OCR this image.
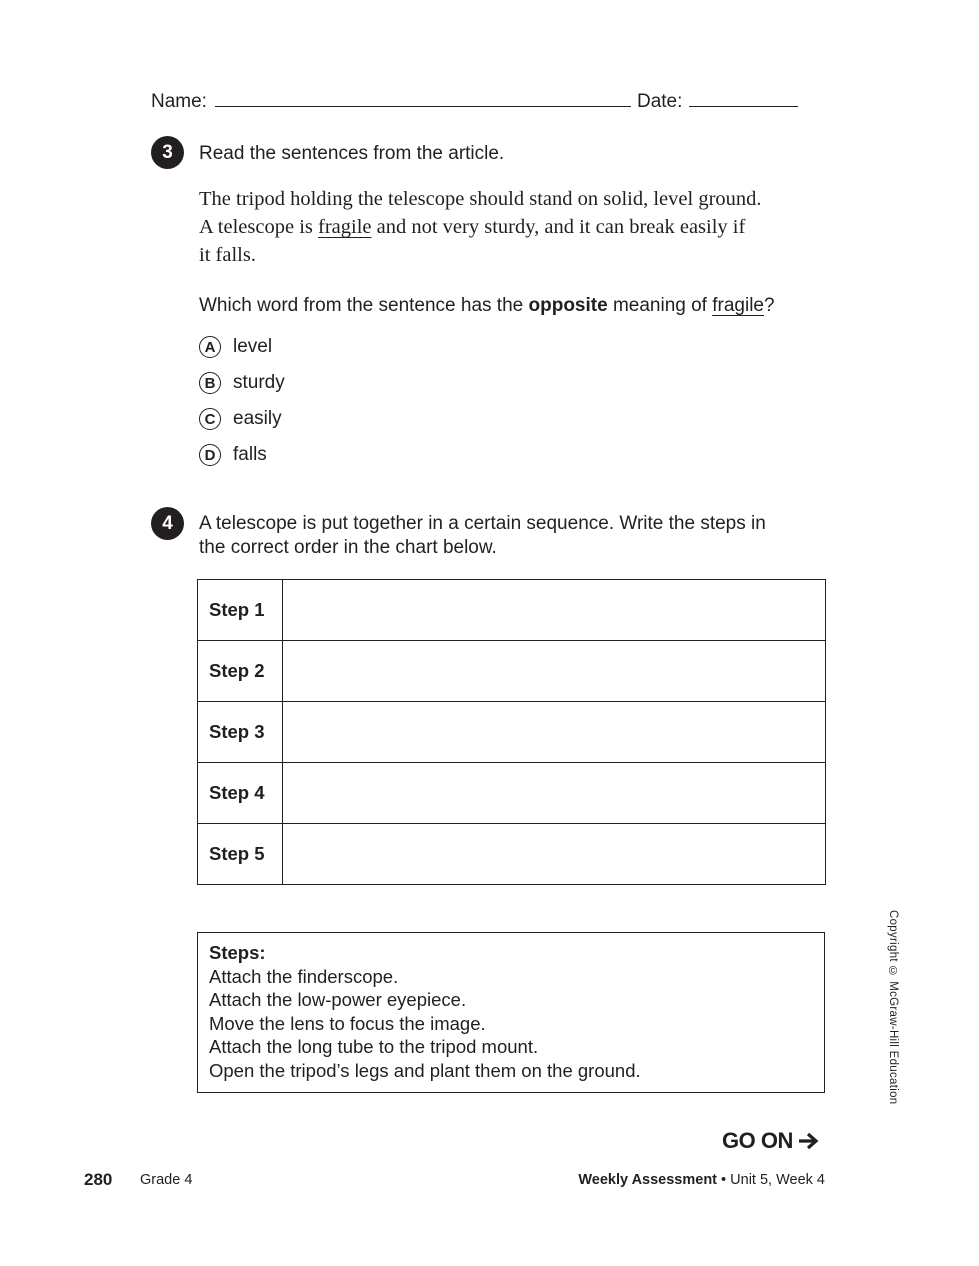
Name:	Date:
3	Read the sentences from the article.
The tripod holding the telescope should stand on solid, level ground.
A telescope is fragile and not very sturdy, and it can break easily if
it falls.
Which word from the sentence has the opposite meaning of fragile?
A level
B sturdy
C easily
D falls
4	A telescope is put together in a certain sequence. Write the steps in
the correct order in the chart below.
Step 1	
Step 2	
Step 3	
Step 4	
Step 5	
Steps:
Attach the finderscope.
Attach the low-power eyepiece.
Move the lens to focus the image.
Attach the long tube to the tripod mount.
Open the tripod’s legs and plant them on the ground.	Copyright © McGraw-Hill Education
GO ON
280 Grade 4	Weekly Assessment • Unit 5, Week 4
